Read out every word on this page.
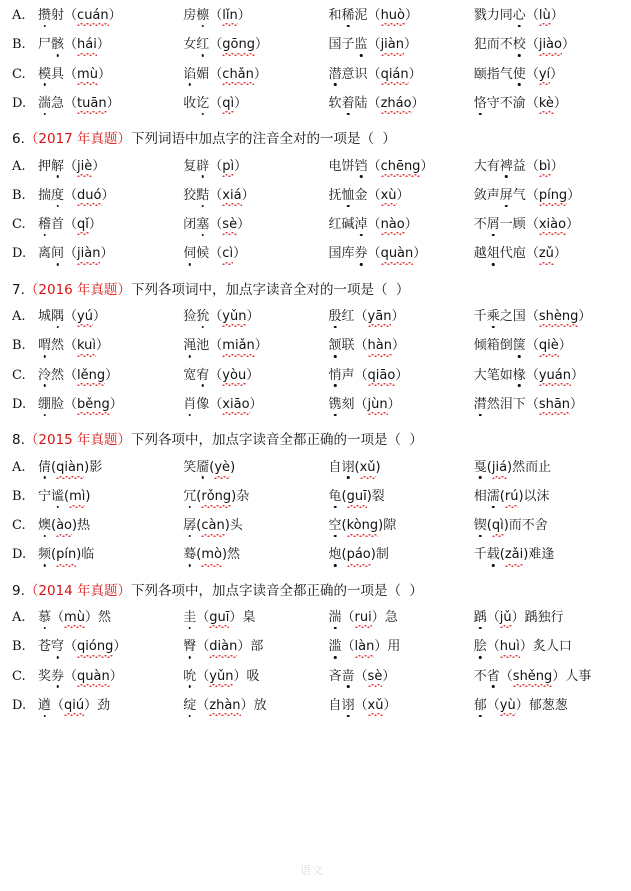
A. 攒射（cuán）	房檩（lǐn）	和稀泥（huò）	戮力同心（lù）
B. 尸骸（hái）	女红（gōng）	国子监（jiàn）	犯而不校（jiào）
C. 模具（mù）	谄媚（chǎn）	潜意识（qián）	颐指气使（yí）
D. 湍急（tuān）	收讫（qì）	软着陆（zháo）	恪守不渝（kè）
6.（2017 年真题）下列词语中加点字的注音全对的一项是（ ）
A. 押解（jiè）	复辟（pì）	电饼铛（chēng）	大有裨益（bì）
B. 揣度（duó）	狡黠（xiá）	抚恤金（xù）	敛声屏气（píng）
C. 稽首（qǐ）	闭塞（sè）	红碱淖（nào）	不屑一顾（xiào）
D. 离间（jiàn）	伺候（cì）	国库券（quàn）	越俎代庖（zǔ）
7.（2016 年真题）下列各项词中，加点字读音全对的一项是（ ）
A. 城隅（yú）	猃狁（yǔn）	殷红（yān）	千乘之国（shèng）
B. 喟然（kuì）	渑池（miǎn）	颔联（hàn）	倾箱倒箧（qiè）
C. 泠然（lěng）	宽宥（yòu）	悄声（qiāo）	大笔如椽（yuán）
D. 绷脸（běng）	肖像（xiāo）	镌刻（jùn）	潸然泪下（shān）
8.（2015 年真题）下列各项中，加点字读音全都正确的一项是（ ）
A. 倩(qiàn)影	笑靥(yè)	自诩(xǔ)	戛(jiá)然而止
B. 宁谧(mì)	冗(rǒng)杂	龟(guī)裂	相濡(rú)以沫
C. 燠(ào)热	孱(càn)头	空(kòng)隙	锲(qì)而不舍
D. 频(pín)临	蓦(mò)然	炮(páo)制	千载(zǎi)难逢
9.（2014 年真题）下列各项中，加点字读音全都正确的一项是（ ）
A. 慕（mù）然	圭（guī）臬	湍（rui）急	踽（jǔ）踽独行
B. 苍穹（qióng）	臀（diàn）部	滥（làn）用	脍（huì）炙人口
C. 奖券（quàn）	吮（yǔn）吸	吝啬（sè）	不省（shěng）人事
D. 遒（qiú）劲	绽（zhàn）放	自诩（xǔ）	郁（yù）郁葱葱
语文
